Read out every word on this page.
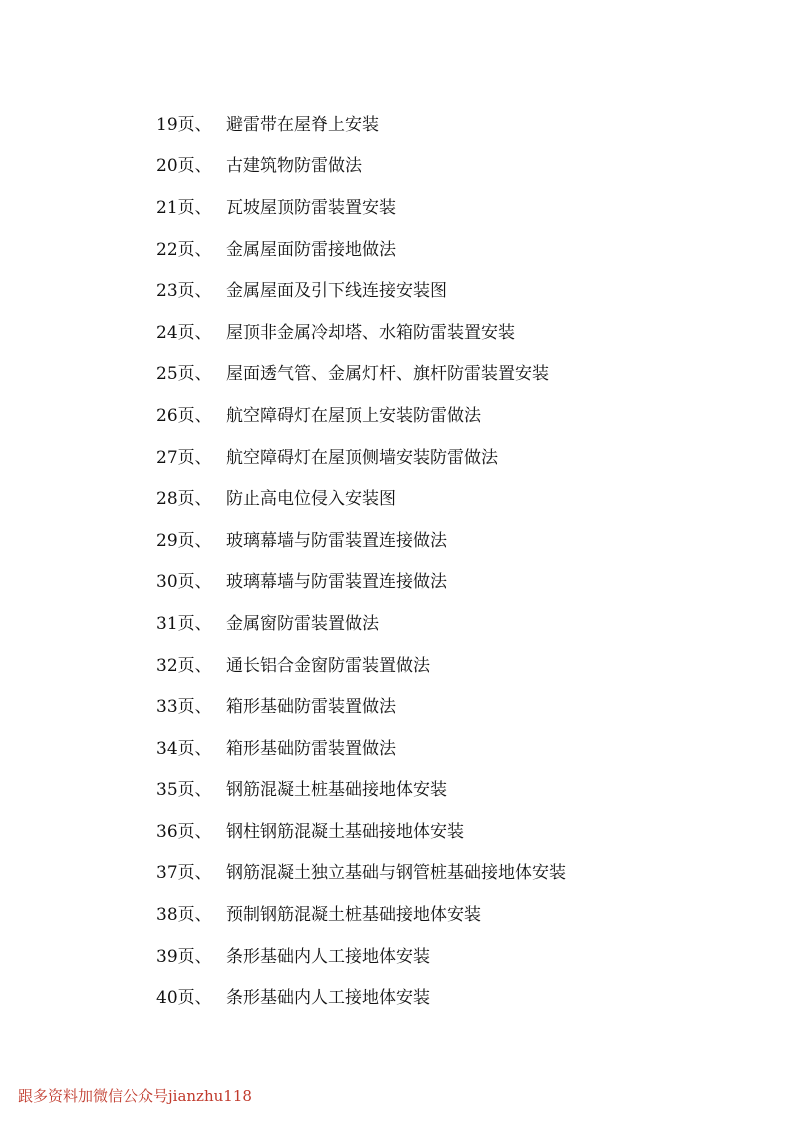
19页、 避雷带在屋脊上安装
20页、 古建筑物防雷做法
21页、 瓦坡屋顶防雷装置安装
22页、 金属屋面防雷接地做法
23页、 金属屋面及引下线连接安装图
24页、 屋顶非金属冷却塔、水箱防雷装置安装
25页、 屋面透气管、金属灯杆、旗杆防雷装置安装
26页、 航空障碍灯在屋顶上安装防雷做法
27页、 航空障碍灯在屋顶侧墙安装防雷做法
28页、 防止高电位侵入安装图
29页、 玻璃幕墙与防雷装置连接做法
30页、 玻璃幕墙与防雷装置连接做法
31页、 金属窗防雷装置做法
32页、 通长铝合金窗防雷装置做法
33页、 箱形基础防雷装置做法
34页、 箱形基础防雷装置做法
35页、 钢筋混凝土桩基础接地体安装
36页、 钢柱钢筋混凝土基础接地体安装
37页、 钢筋混凝土独立基础与钢管桩基础接地体安装
38页、 预制钢筋混凝土桩基础接地体安装
39页、 条形基础内人工接地体安装
40页、 条形基础内人工接地体安装
跟多资料加微信公众号jianzhu118
